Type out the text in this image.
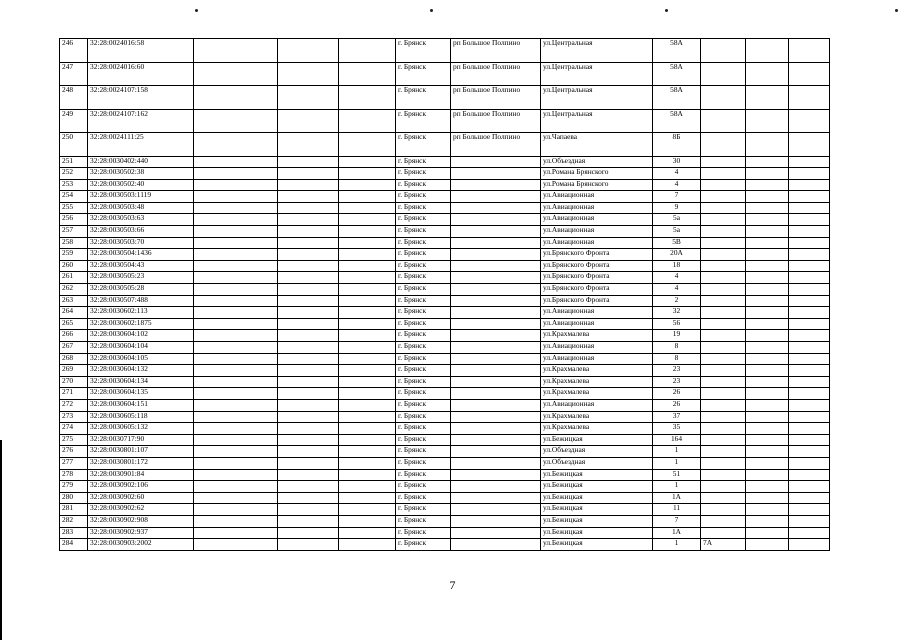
246	32:28:0024016:58				г. Брянск	рп Большое Полпино	ул.Центральная	58А			
247	32:28:0024016:60				г. Брянск	рп Большое Полпино	ул.Центральная	58А			
248	32:28:0024107:158				г. Брянск	рп Большое Полпино	ул.Центральная	58А			
249	32:28:0024107:162				г. Брянск	рп Большое Полпино	ул.Центральная	58А			
250	32:28:0024111:25				г. Брянск	рп Большое Полпино	ул.Чапаева	8Б			
251	32:28:0030402:440				г. Брянск		ул.Объездная	30			
252	32:28:0030502:38				г. Брянск		ул.Романа Брянского	4			
253	32:28:0030502:40				г. Брянск		ул.Романа Брянского	4			
254	32:28:0030503:1119				г. Брянск		ул.Авиационная	7			
255	32:28:0030503:48				г. Брянск		ул.Авиационная	9			
256	32:28:0030503:63				г. Брянск		ул.Авиационная	5а			
257	32:28:0030503:66				г. Брянск		ул.Авиационная	5а			
258	32:28:0030503:70				г. Брянск		ул.Авиационная	5В			
259	32:28:0030504:1436				г. Брянск		ул.Брянского Фронта	20А			
260	32:28:0030504:43				г. Брянск		ул.Брянского Фронта	18			
261	32:28:0030505:23				г. Брянск		ул.Брянского Фронта	4			
262	32:28:0030505:28				г. Брянск		ул.Брянского Фронта	4			
263	32:28:0030507:488				г. Брянск		ул.Брянского Фронта	2			
264	32:28:0030602:113				г. Брянск		ул.Авиационная	32			
265	32:28:0030602:1875				г. Брянск		ул.Авиационная	56			
266	32:28:0030604:102				г. Брянск		ул.Крахмалева	19			
267	32:28:0030604:104				г. Брянск		ул.Авиационная	8			
268	32:28:0030604:105				г. Брянск		ул.Авиационная	8			
269	32:28:0030604:132				г. Брянск		ул.Крахмалева	23			
270	32:28:0030604:134				г. Брянск		ул.Крахмалева	23			
271	32:28:0030604:135				г. Брянск		ул.Крахмалева	26			
272	32:28:0030604:151				г. Брянск		ул.Авиационная	26			
273	32:28:0030605:118				г. Брянск		ул.Крахмалева	37			
274	32:28:0030605:132				г. Брянск		ул.Крахмалева	35			
275	32:28:0030717:90				г. Брянск		ул.Бежицкая	164			
276	32:28:0030801:107				г. Брянск		ул.Объездная	1			
277	32:28:0030801:172				г. Брянск		ул.Объездная	1			
278	32:28:0030901:84				г. Брянск		ул.Бежицкая	51			
279	32:28:0030902:106				г. Брянск		ул.Бежицкая	1			
280	32:28:0030902:60				г. Брянск		ул.Бежицкая	1А			
281	32:28:0030902:62				г. Брянск		ул.Бежицкая	11			
282	32:28:0030902:908				г. Брянск		ул.Бежицкая	7			
283	32:28:0030902:937				г. Брянск		ул.Бежицкая	1А			
284	32:28:0030903:2002				г. Брянск		ул.Бежицкая	1	7А		
7
